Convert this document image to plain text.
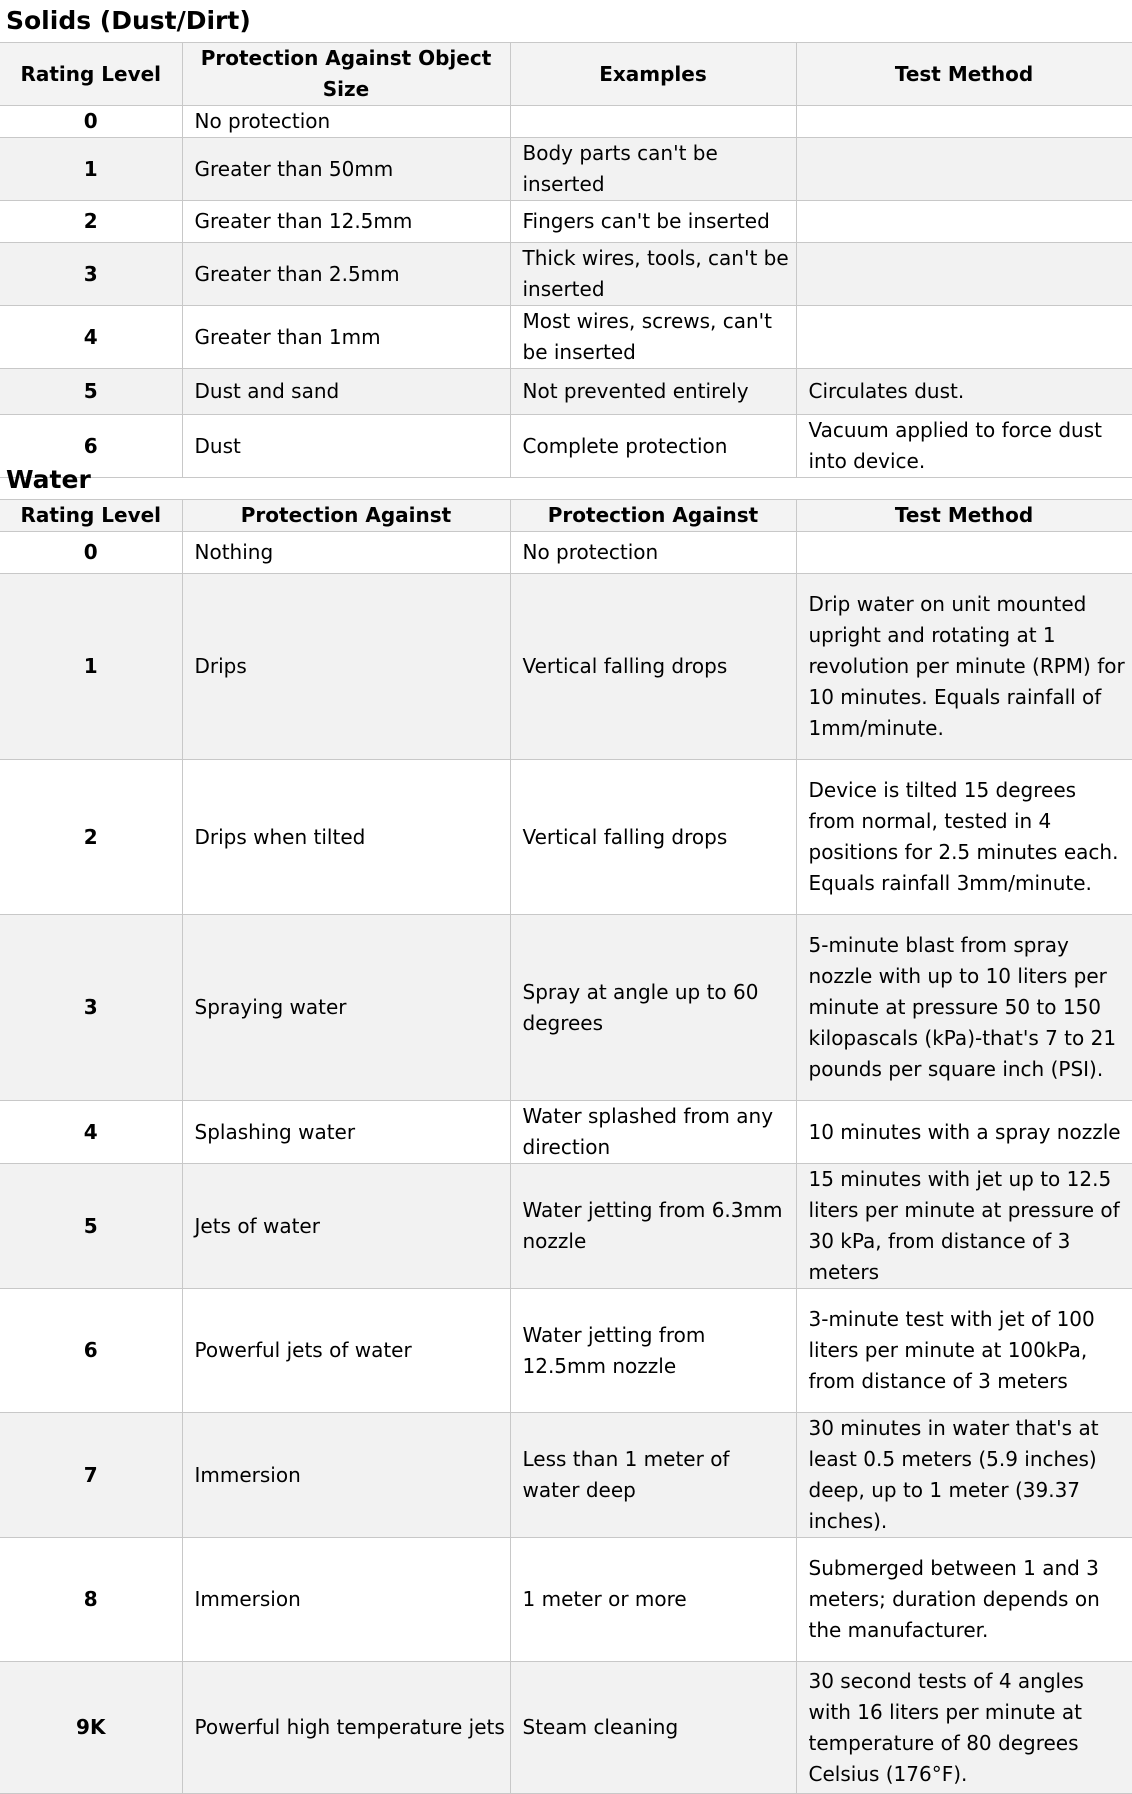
Solids (Dust/Dirt)
Rating Level	Protection Against Object Size	Examples	Test Method
0	No protection		
1	Greater than 50mm	Body parts can't be inserted	
2	Greater than 12.5mm	Fingers can't be inserted	
3	Greater than 2.5mm	Thick wires, tools, can't be inserted	
4	Greater than 1mm	Most wires, screws, can't be inserted	
5	Dust and sand	Not prevented entirely	Circulates dust.
6	Dust	Complete protection	Vacuum applied to force dust into device.
Water
Rating Level	Protection Against	Protection Against	Test Method
0	Nothing	No protection	
1	Drips	Vertical falling drops	Drip water on unit mounted upright and rotating at 1 revolution per minute (RPM) for 10 minutes. Equals rainfall of 1mm/minute.
2	Drips when tilted	Vertical falling drops	Device is tilted 15 degrees from normal, tested in 4 positions for 2.5 minutes each. Equals rainfall 3mm/minute.
3	Spraying water	Spray at angle up to 60 degrees	5-minute blast from spray nozzle with up to 10 liters per minute at pressure 50 to 150 kilopascals (kPa)-that's 7 to 21 pounds per square inch (PSI).
4	Splashing water	Water splashed from any direction	10 minutes with a spray nozzle
5	Jets of water	Water jetting from 6.3mm nozzle	15 minutes with jet up to 12.5 liters per minute at pressure of 30 kPa, from distance of 3 meters
6	Powerful jets of water	Water jetting from 12.5mm nozzle	3-minute test with jet of 100 liters per minute at 100kPa, from distance of 3 meters
7	Immersion	Less than 1 meter of water deep	30 minutes in water that's at least 0.5 meters (5.9 inches) deep, up to 1 meter (39.37 inches).
8	Immersion	1 meter or more	Submerged between 1 and 3 meters; duration depends on the manufacturer.
9K	Powerful high temperature jets	Steam cleaning	30 second tests of 4 angles with 16 liters per minute at temperature of 80 degrees Celsius (176°F).
